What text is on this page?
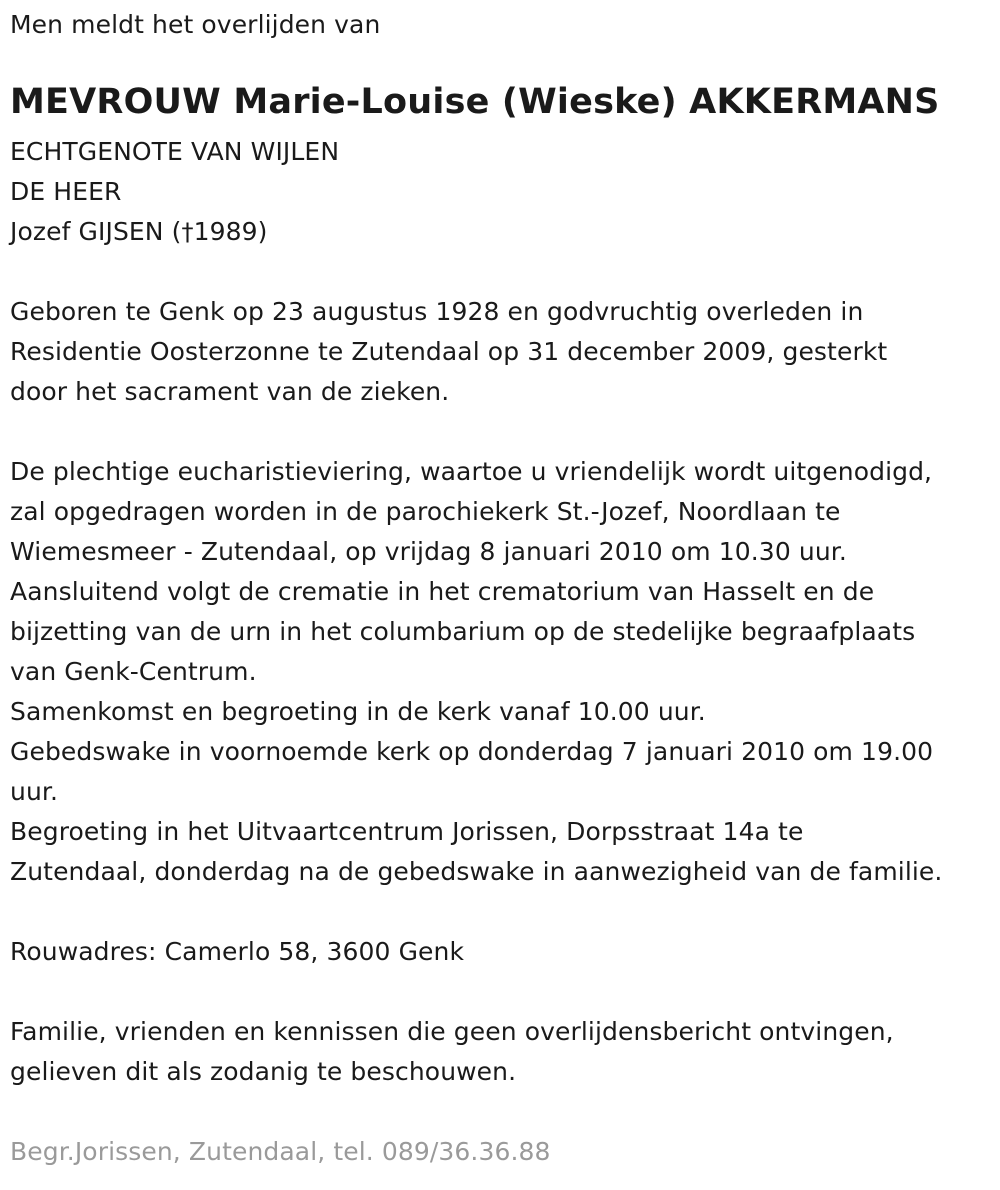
Men meldt het overlijden van
MEVROUW Marie-Louise (Wieske) AKKERMANS
ECHTGENOTE VAN WIJLEN
DE HEER
Jozef GIJSEN (†1989)
Geboren te Genk op 23 augustus 1928 en godvruchtig overleden in
Residentie Oosterzonne te Zutendaal op 31 december 2009, gesterkt
door het sacrament van de zieken.
De plechtige eucharistieviering, waartoe u vriendelijk wordt uitgenodigd,
zal opgedragen worden in de parochiekerk St.-Jozef, Noordlaan te
Wiemesmeer - Zutendaal, op vrijdag 8 januari 2010 om 10.30 uur.
Aansluitend volgt de crematie in het crematorium van Hasselt en de
bijzetting van de urn in het columbarium op de stedelijke begraafplaats
van Genk-Centrum.
Samenkomst en begroeting in de kerk vanaf 10.00 uur.
Gebedswake in voornoemde kerk op donderdag 7 januari 2010 om 19.00
uur.
Begroeting in het Uitvaartcentrum Jorissen, Dorpsstraat 14a te
Zutendaal, donderdag na de gebedswake in aanwezigheid van de familie.
Rouwadres: Camerlo 58, 3600 Genk
Familie, vrienden en kennissen die geen overlijdensbericht ontvingen,
gelieven dit als zodanig te beschouwen.
Begr.Jorissen, Zutendaal, tel. 089/36.36.88
